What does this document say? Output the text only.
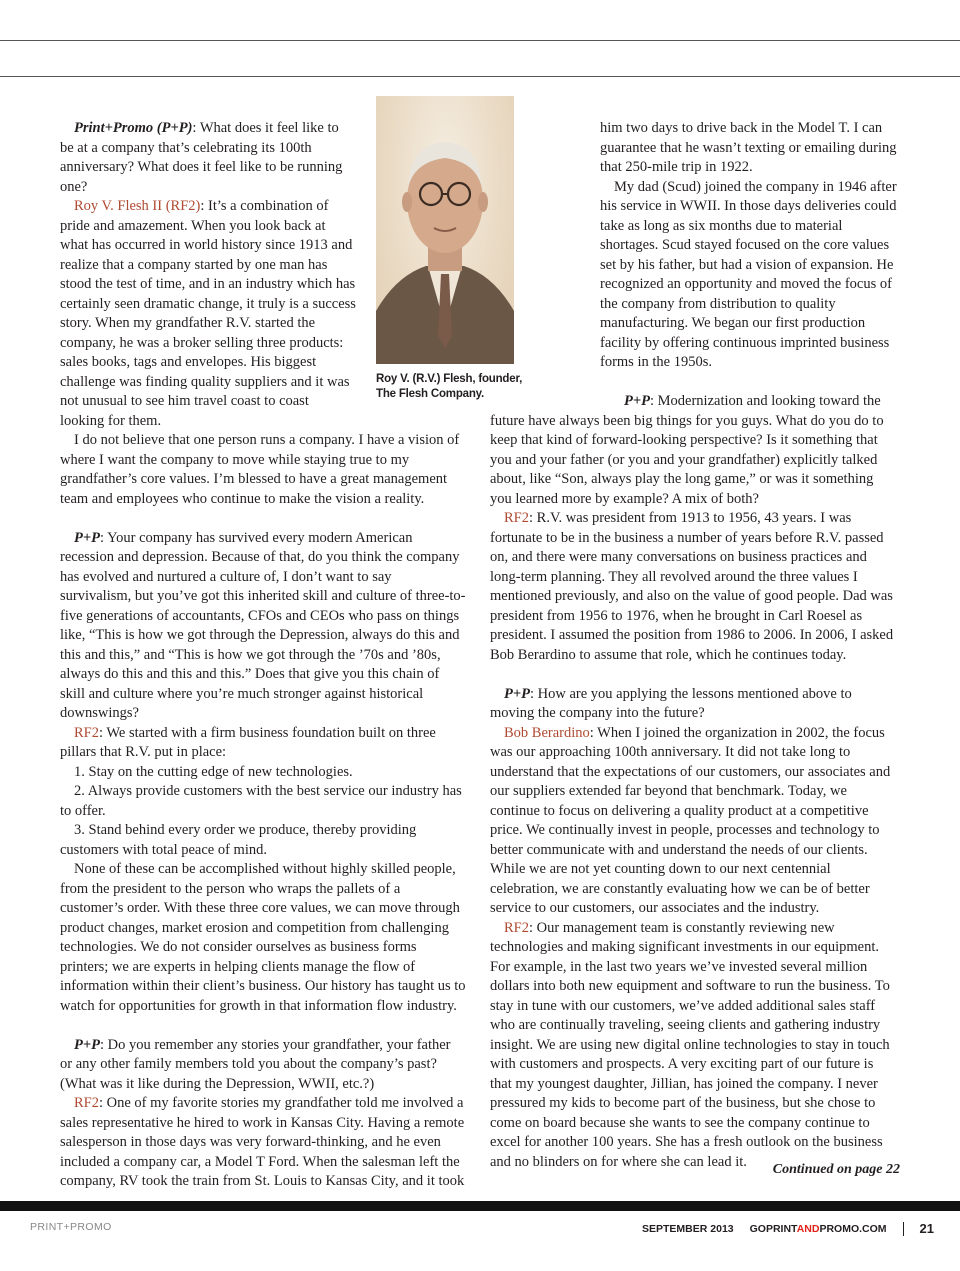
Roy V. (R.V.) Flesh, founder,
The Flesh Company.

Print+Promo (P+P): What does it feel like to be at a company that’s celebrating its 100th anniversary? What does it feel like to be running one?

Roy V. Flesh II (RF2): It’s a combination of pride and amazement. When you look back at what has occurred in world history since 1913 and realize that a company started by one man has stood the test of time, and in an industry which has certainly seen dramatic change, it truly is a success story. When my grandfather R.V. started the company, he was a broker selling three products: sales books, tags and envelopes. His biggest challenge was finding quality suppliers and it was not unusual to see him travel coast to coast looking for them.

I do not believe that one person runs a company. I have a vision of where I want the company to move while staying true to my grandfather’s core values. I’m blessed to have a great management team and employees who continue to make the vision a reality.

P+P: Your company has survived every modern American recession and depression. Because of that, do you think the company has evolved and nurtured a culture of, I don’t want to say survivalism, but you’ve got this inherited skill and culture of three-to-five generations of accountants, CFOs and CEOs who pass on things like, “This is how we got through the Depression, always do this and this and this,” and “This is how we got through the ’70s and ’80s, always do this and this and this.” Does that give you this chain of skill and culture where you’re much stronger against historical downswings?

RF2: We started with a firm business foundation built on three pillars that R.V. put in place:

1. Stay on the cutting edge of new technologies.

2. Always provide customers with the best service our industry has to offer.

3. Stand behind every order we produce, thereby providing customers with total peace of mind.

None of these can be accomplished without highly skilled people, from the president to the person who wraps the pallets of a customer’s order. With these three core values, we can move through product changes, market erosion and competition from challenging technologies. We do not consider ourselves as business forms printers; we are experts in helping clients manage the flow of information within their client’s business. Our history has taught us to watch for opportunities for growth in that information flow industry.

P+P: Do you remember any stories your grandfather, your father or any other family members told you about the company’s past? (What was it like during the Depression, WWII, etc.?)

RF2: One of my favorite stories my grandfather told me involved a sales representative he hired to work in Kansas City. Having a remote salesperson in those days was very forward-thinking, and he even included a company car, a Model T Ford. When the salesman left the company, RV took the train from St. Louis to Kansas City, and it took

him two days to drive back in the Model T. I can guarantee that he wasn’t texting or emailing during that 250-mile trip in 1922.

My dad (Scud) joined the company in 1946 after his service in WWII. In those days deliveries could take as long as six months due to material shortages. Scud stayed focused on the core values set by his father, but had a vision of expansion. He recognized an opportunity and moved the focus of the company from distribution to quality manufacturing. We began our first production facility by offering continuous imprinted business forms in the 1950s.

P+P: Modernization and looking toward the future have always been big things for you guys. What do you do to keep that kind of forward-looking perspective? Is it something that you and your father (or you and your grandfather) explicitly talked about, like “Son, always play the long game,” or was it something you learned more by example? A mix of both?

RF2: R.V. was president from 1913 to 1956, 43 years. I was fortunate to be in the business a number of years before R.V. passed on, and there were many conversations on business practices and long-term planning. They all revolved around the three values I mentioned previously, and also on the value of good people. Dad was president from 1956 to 1976, when he brought in Carl Roesel as president. I assumed the position from 1986 to 2006. In 2006, I asked Bob Berardino to assume that role, which he continues today.

P+P: How are you applying the lessons mentioned above to moving the company into the future?

Bob Berardino: When I joined the organization in 2002, the focus was our approaching 100th anniversary. It did not take long to understand that the expectations of our customers, our associates and our suppliers extended far beyond that benchmark. Today, we continue to focus on delivering a quality product at a competitive price. We continually invest in people, processes and technology to better communicate with and understand the needs of our clients. While we are not yet counting down to our next centennial celebration, we are constantly evaluating how we can be of better service to our customers, our associates and the industry.

RF2: Our management team is constantly reviewing new technologies and making significant investments in our equipment. For example, in the last two years we’ve invested several million dollars into both new equipment and software to run the business. To stay in tune with our customers, we’ve added additional sales staff who are continually traveling, seeing clients and gathering industry insight. We are using new digital online technologies to stay in touch with customers and prospects. A very exciting part of our future is that my youngest daughter, Jillian, has joined the company. I never pressured my kids to become part of the business, but she chose to come on board because she wants to see the company continue to excel for another 100 years. She has a fresh outlook on the business and no blinders on for where she can lead it.	Continued on page 22
PRINT+PROMO	SEPTEMBER 2013 GOPRINTANDPROMO.COM	21
